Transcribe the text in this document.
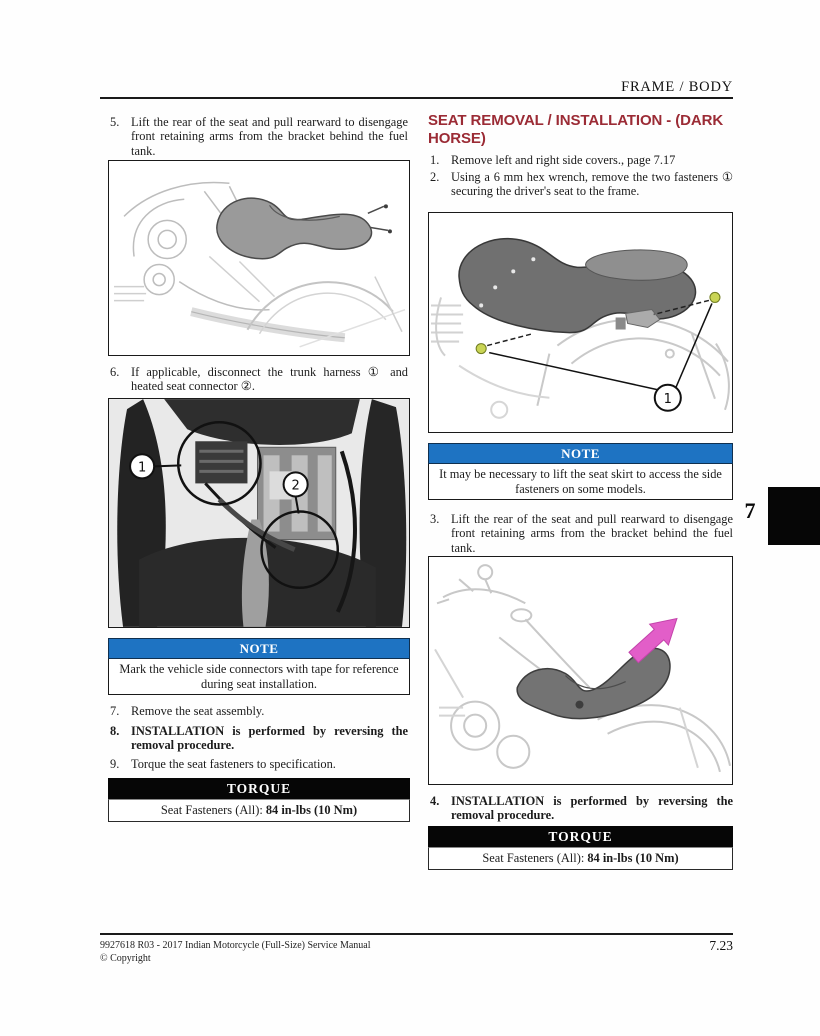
FRAME / BODY
5. Lift the rear of the seat and pull rearward to disengage front retaining arms from the bracket behind the fuel tank.
6. If applicable, disconnect the trunk harness ① and heated seat connector ②.
1
2
NOTE
Mark the vehicle side connectors with tape for reference during seat installation.
7. Remove the seat assembly.
8. INSTALLATION is performed by reversing the removal procedure.
9. Torque the seat fasteners to specification.
TORQUE
Seat Fasteners (All): 84 in-lbs (10 Nm)
SEAT REMOVAL / INSTALLATION - (DARK HORSE)
1. Remove left and right side covers., page 7.17
2. Using a 6 mm hex wrench, remove the two fasteners ① securing the driver's seat to the frame.
1
NOTE
It may be necessary to lift the seat skirt to access the side fasteners on some models.
3. Lift the rear of the seat and pull rearward to disengage front retaining arms from the bracket behind the fuel tank.
4. INSTALLATION is performed by reversing the removal procedure.
TORQUE
Seat Fasteners (All): 84 in-lbs (10 Nm)
7
9927618 R03 - 2017 Indian Motorcycle (Full-Size) Service Manual
© Copyright
7.23
